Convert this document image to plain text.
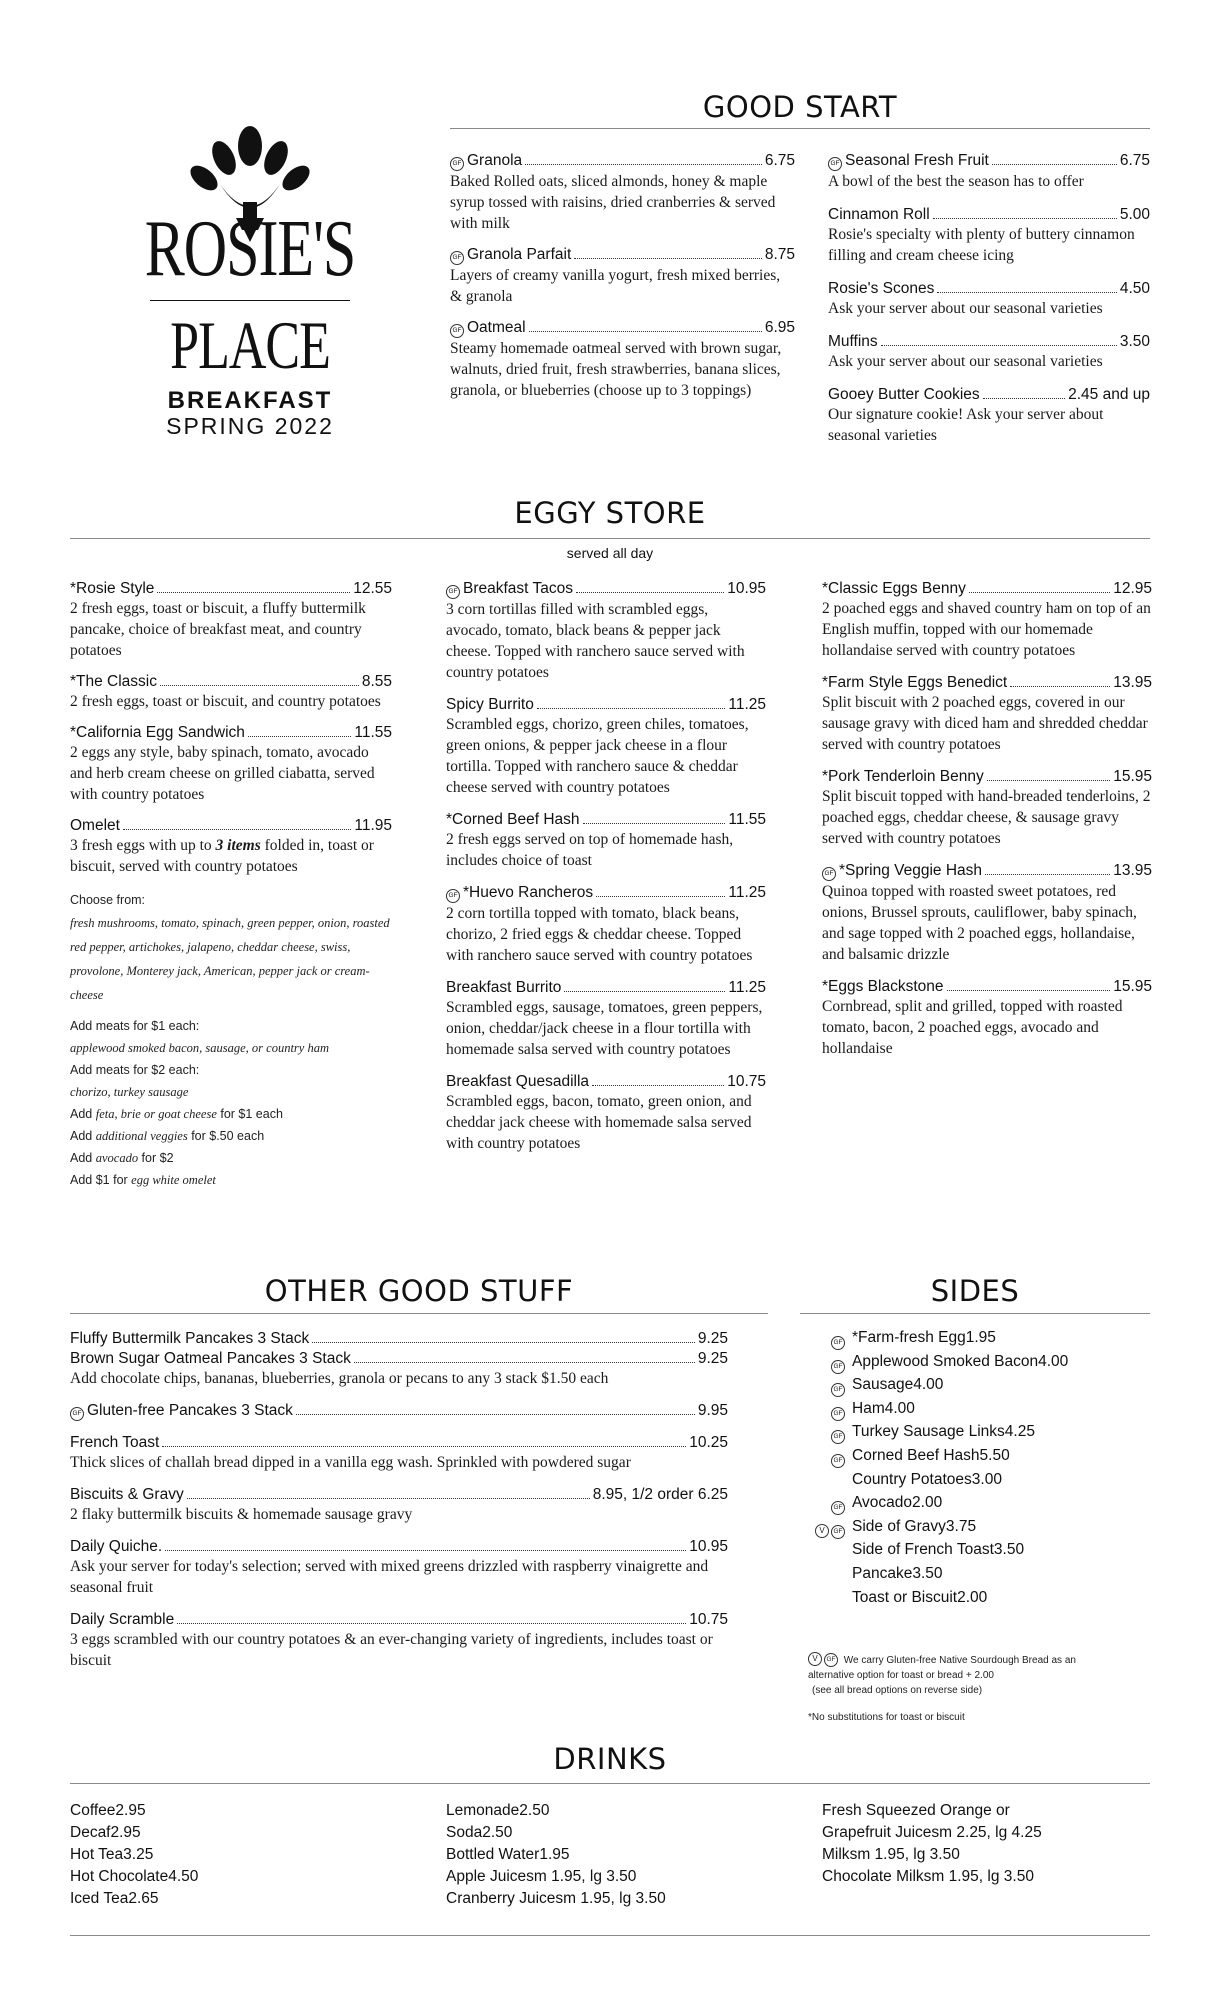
ROSIE'S
PLACE
BREAKFAST
SPRING 2022
GOOD START
GF Granola	6.75
Baked Rolled oats, sliced almonds, honey & maple syrup tossed with raisins, dried cranberries & served with milk
GF Granola Parfait	8.75
Layers of creamy vanilla yogurt, fresh mixed berries, & granola
GF Oatmeal	6.95
Steamy homemade oatmeal served with brown sugar, walnuts, dried fruit, fresh strawberries, banana slices, granola, or blueberries (choose up to 3 toppings)
GF Seasonal Fresh Fruit	6.75
A bowl of the best the season has to offer
Cinnamon Roll	5.00
Rosie's specialty with plenty of buttery cinnamon filling and cream cheese icing
Rosie's Scones	4.50
Ask your server about our seasonal varieties
Muffins	3.50
Ask your server about our seasonal varieties
Gooey Butter Cookies	2.45 and up
Our signature cookie! Ask your server about seasonal varieties
EGGY STORE
served all day
*Rosie Style	12.55
2 fresh eggs, toast or biscuit, a fluffy buttermilk pancake, choice of breakfast meat, and country potatoes
*The Classic	8.55
2 fresh eggs, toast or biscuit, and country potatoes
*California Egg Sandwich	11.55
2 eggs any style, baby spinach, tomato, avocado and herb cream cheese on grilled ciabatta, served with country potatoes
Omelet	11.95
3 fresh eggs with up to 3 items folded in, toast or biscuit, served with country potatoes
Choose from:
fresh mushrooms, tomato, spinach, green pepper, onion, roasted red pepper, artichokes, jalapeno, cheddar cheese, swiss, provolone, Monterey jack, American, pepper jack or cream-cheese
Add meats for $1 each:
applewood smoked bacon, sausage, or country ham
Add meats for $2 each:
chorizo, turkey sausage
Add feta, brie or goat cheese for $1 each
Add additional veggies for $.50 each
Add avocado for $2
Add $1 for egg white omelet
GF Breakfast Tacos	10.95
3 corn tortillas filled with scrambled eggs, avocado, tomato, black beans & pepper jack cheese. Topped with ranchero sauce served with country potatoes
Spicy Burrito	11.25
Scrambled eggs, chorizo, green chiles, tomatoes, green onions, & pepper jack cheese in a flour tortilla. Topped with ranchero sauce & cheddar cheese served with country potatoes
*Corned Beef Hash	11.55
2 fresh eggs served on top of homemade hash, includes choice of toast
GF *Huevo Rancheros	11.25
2 corn tortilla topped with tomato, black beans, chorizo, 2 fried eggs & cheddar cheese. Topped with ranchero sauce served with country potatoes
Breakfast Burrito	11.25
Scrambled eggs, sausage, tomatoes, green peppers, onion, cheddar/jack cheese in a flour tortilla with homemade salsa served with country potatoes
Breakfast Quesadilla	10.75
Scrambled eggs, bacon, tomato, green onion, and cheddar jack cheese with homemade salsa served with country potatoes
*Classic Eggs Benny	12.95
2 poached eggs and shaved country ham on top of an English muffin, topped with our homemade hollandaise served with country potatoes
*Farm Style Eggs Benedict	13.95
Split biscuit with 2 poached eggs, covered in our sausage gravy with diced ham and shredded cheddar served with country potatoes
*Pork Tenderloin Benny	15.95
Split biscuit topped with hand-breaded tenderloins, 2 poached eggs, cheddar cheese, & sausage gravy served with country potatoes
GF *Spring Veggie Hash	13.95
Quinoa topped with roasted sweet potatoes, red onions, Brussel sprouts, cauliflower, baby spinach, and sage topped with 2 poached eggs, hollandaise, and balsamic drizzle
*Eggs Blackstone	15.95
Cornbread, split and grilled, topped with roasted tomato, bacon, 2 poached eggs, avocado and hollandaise
OTHER GOOD STUFF
Fluffy Buttermilk Pancakes 3 Stack	9.25
Brown Sugar Oatmeal Pancakes 3 Stack	9.25
Add chocolate chips, bananas, blueberries, granola or pecans to any 3 stack $1.50 each
GF Gluten-free Pancakes 3 Stack	9.95
French Toast	10.25
Thick slices of challah bread dipped in a vanilla egg wash. Sprinkled with powdered sugar
Biscuits & Gravy	8.95, 1/2 order 6.25
2 flaky buttermilk biscuits & homemade sausage gravy
Daily Quiche.	10.95
Ask your server for today's selection; served with mixed greens drizzled with raspberry vinaigrette and seasonal fruit
Daily Scramble	10.75
3 eggs scrambled with our country potatoes & an ever-changing variety of ingredients, includes toast or biscuit
SIDES
GF *Farm-fresh Egg 1.95
GF Applewood Smoked Bacon 4.00
GF Sausage 4.00
GF Ham 4.00
GF Turkey Sausage Links 4.25
GF Corned Beef Hash 5.50
Country Potatoes 3.00
GF Avocado 2.00
V GF Side of Gravy 3.75
Side of French Toast 3.50
Pancake 3.50
Toast or Biscuit 2.00
V GF We carry Gluten-free Native Sourdough Bread as an
alternative option for toast or bread + 2.00
(see all bread options on reverse side)
*No substitutions for toast or biscuit
DRINKS
Coffee 2.95
Decaf 2.95
Hot Tea 3.25
Hot Chocolate 4.50
Iced Tea 2.65
Lemonade 2.50
Soda 2.50
Bottled Water 1.95
Apple Juice sm 1.95, lg 3.50
Cranberry Juice sm 1.95, lg 3.50
Fresh Squeezed Orange or
Grapefruit Juice sm 2.25, lg 4.25
Milk sm 1.95, lg 3.50
Chocolate Milk sm 1.95, lg 3.50
